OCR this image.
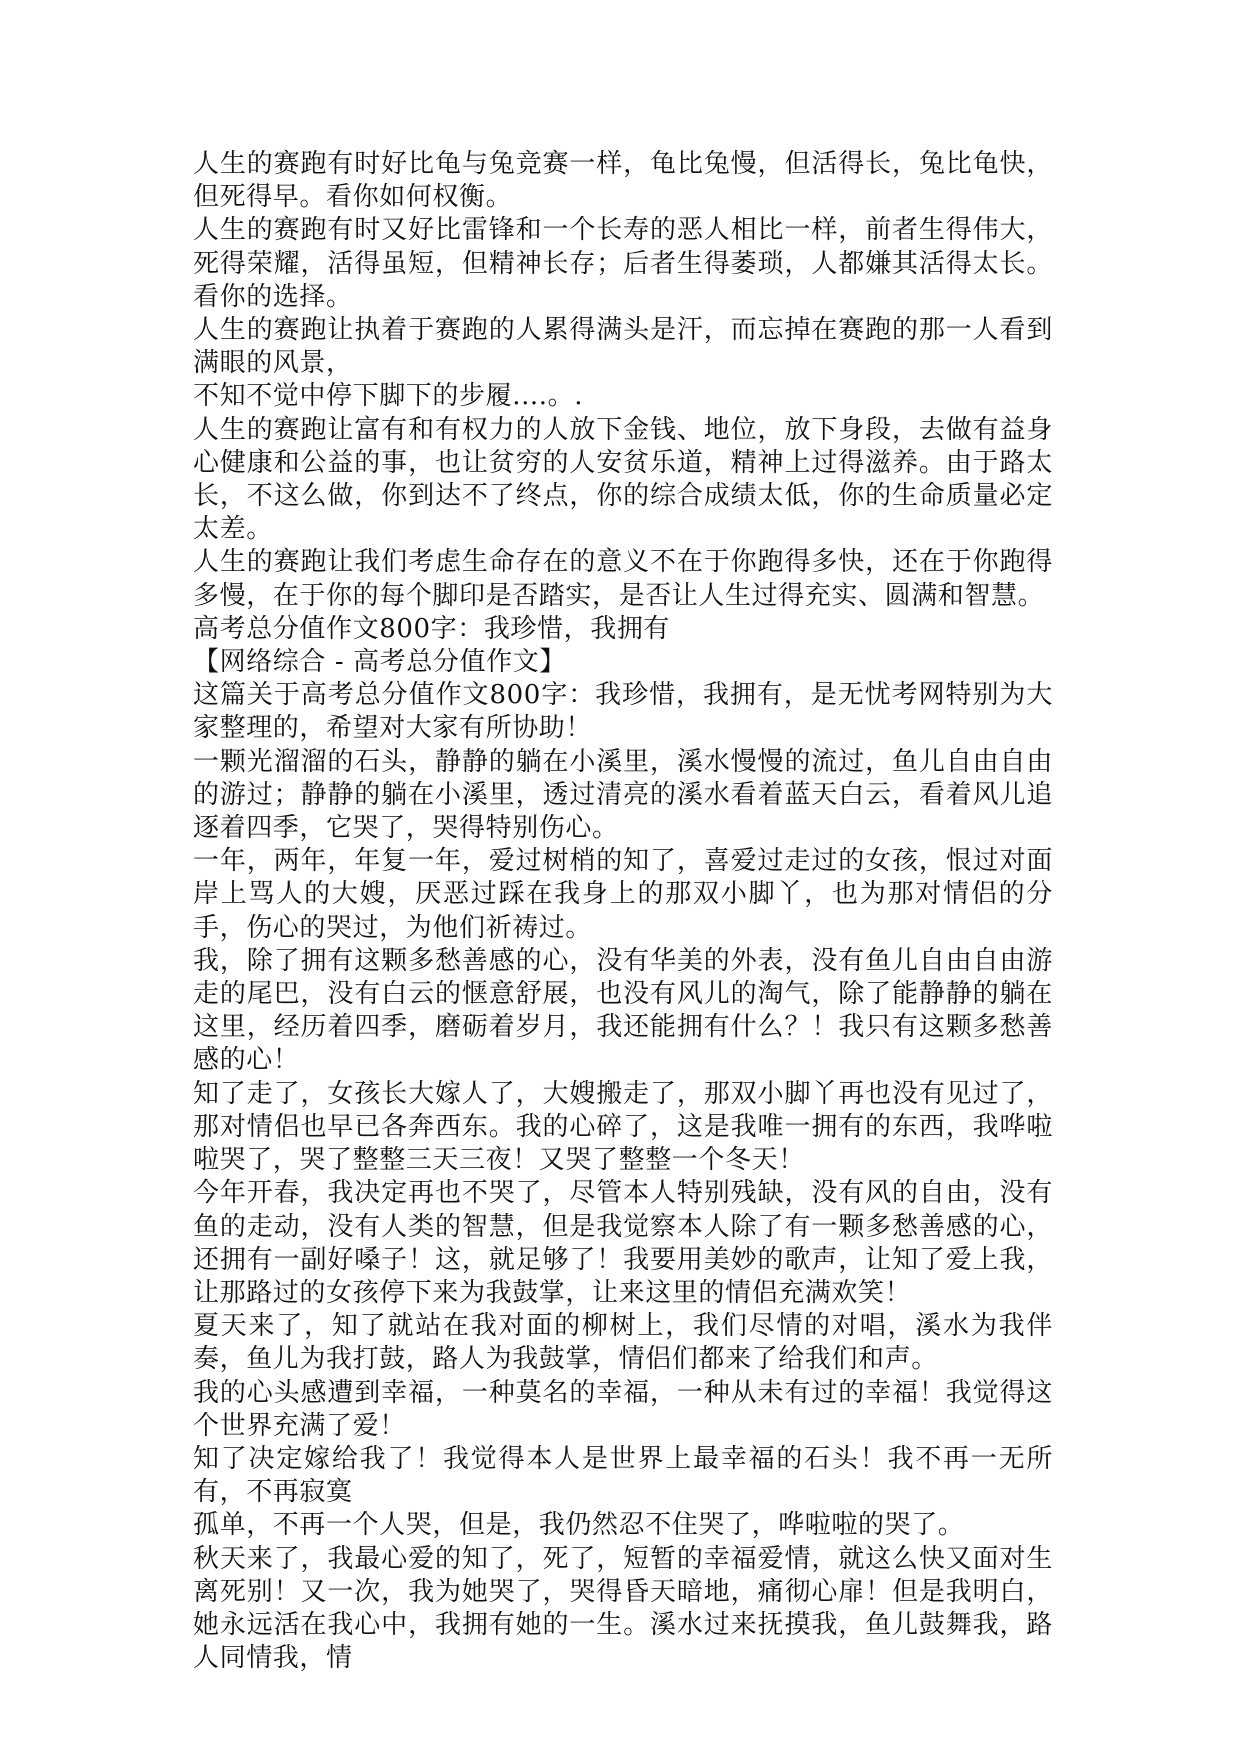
人生的赛跑有时好比龟与兔竞赛一样，龟比兔慢，但活得长，兔比龟快，但死得早。看你如何权衡。

人生的赛跑有时又好比雷锋和一个长寿的恶人相比一样，前者生得伟大，死得荣耀，活得虽短，但精神长存；后者生得萎琐，人都嫌其活得太长。看你的选择。

人生的赛跑让执着于赛跑的人累得满头是汗，而忘掉在赛跑的那一人看到满眼的风景，

不知不觉中停下脚下的步履....。.

人生的赛跑让富有和有权力的人放下金钱、地位，放下身段，去做有益身心健康和公益的事，也让贫穷的人安贫乐道，精神上过得滋养。由于路太长，不这么做，你到达不了终点，你的综合成绩太低，你的生命质量必定太差。

人生的赛跑让我们考虑生命存在的意义不在于你跑得多快，还在于你跑得多慢，在于你的每个脚印是否踏实，是否让人生过得充实、圆满和智慧。

高考总分值作文800字：我珍惜，我拥有

【网络综合 - 高考总分值作文】

这篇关于高考总分值作文800字：我珍惜，我拥有，是无忧考网特别为大家整理的，希望对大家有所协助！

一颗光溜溜的石头，静静的躺在小溪里，溪水慢慢的流过，鱼儿自由自由的游过；静静的躺在小溪里，透过清亮的溪水看着蓝天白云，看着风儿追逐着四季，它哭了，哭得特别伤心。

一年，两年，年复一年，爱过树梢的知了，喜爱过走过的女孩，恨过对面岸上骂人的大嫂，厌恶过踩在我身上的那双小脚丫，也为那对情侣的分手，伤心的哭过，为他们祈祷过。

我，除了拥有这颗多愁善感的心，没有华美的外表，没有鱼儿自由自由游走的尾巴，没有白云的惬意舒展，也没有风儿的淘气，除了能静静的躺在这里，经历着四季，磨砺着岁月，我还能拥有什么？！我只有这颗多愁善感的心！

知了走了，女孩长大嫁人了，大嫂搬走了，那双小脚丫再也没有见过了，那对情侣也早已各奔西东。我的心碎了，这是我唯一拥有的东西，我哗啦啦哭了，哭了整整三天三夜！又哭了整整一个冬天！

今年开春，我决定再也不哭了，尽管本人特别残缺，没有风的自由，没有鱼的走动，没有人类的智慧，但是我觉察本人除了有一颗多愁善感的心，还拥有一副好嗓子！这，就足够了！我要用美妙的歌声，让知了爱上我，让那路过的女孩停下来为我鼓掌，让来这里的情侣充满欢笑！

夏天来了，知了就站在我对面的柳树上，我们尽情的对唱，溪水为我伴奏，鱼儿为我打鼓，路人为我鼓掌，情侣们都来了给我们和声。

我的心头感遭到幸福，一种莫名的幸福，一种从未有过的幸福！我觉得这个世界充满了爱！

知了决定嫁给我了！我觉得本人是世界上最幸福的石头！我不再一无所有，不再寂寞

孤单，不再一个人哭，但是，我仍然忍不住哭了，哗啦啦的哭了。

秋天来了，我最心爱的知了，死了，短暂的幸福爱情，就这么快又面对生离死别！又一次，我为她哭了，哭得昏天暗地，痛彻心扉！但是我明白，她永远活在我心中，我拥有她的一生。溪水过来抚摸我，鱼儿鼓舞我，路人同情我，情
